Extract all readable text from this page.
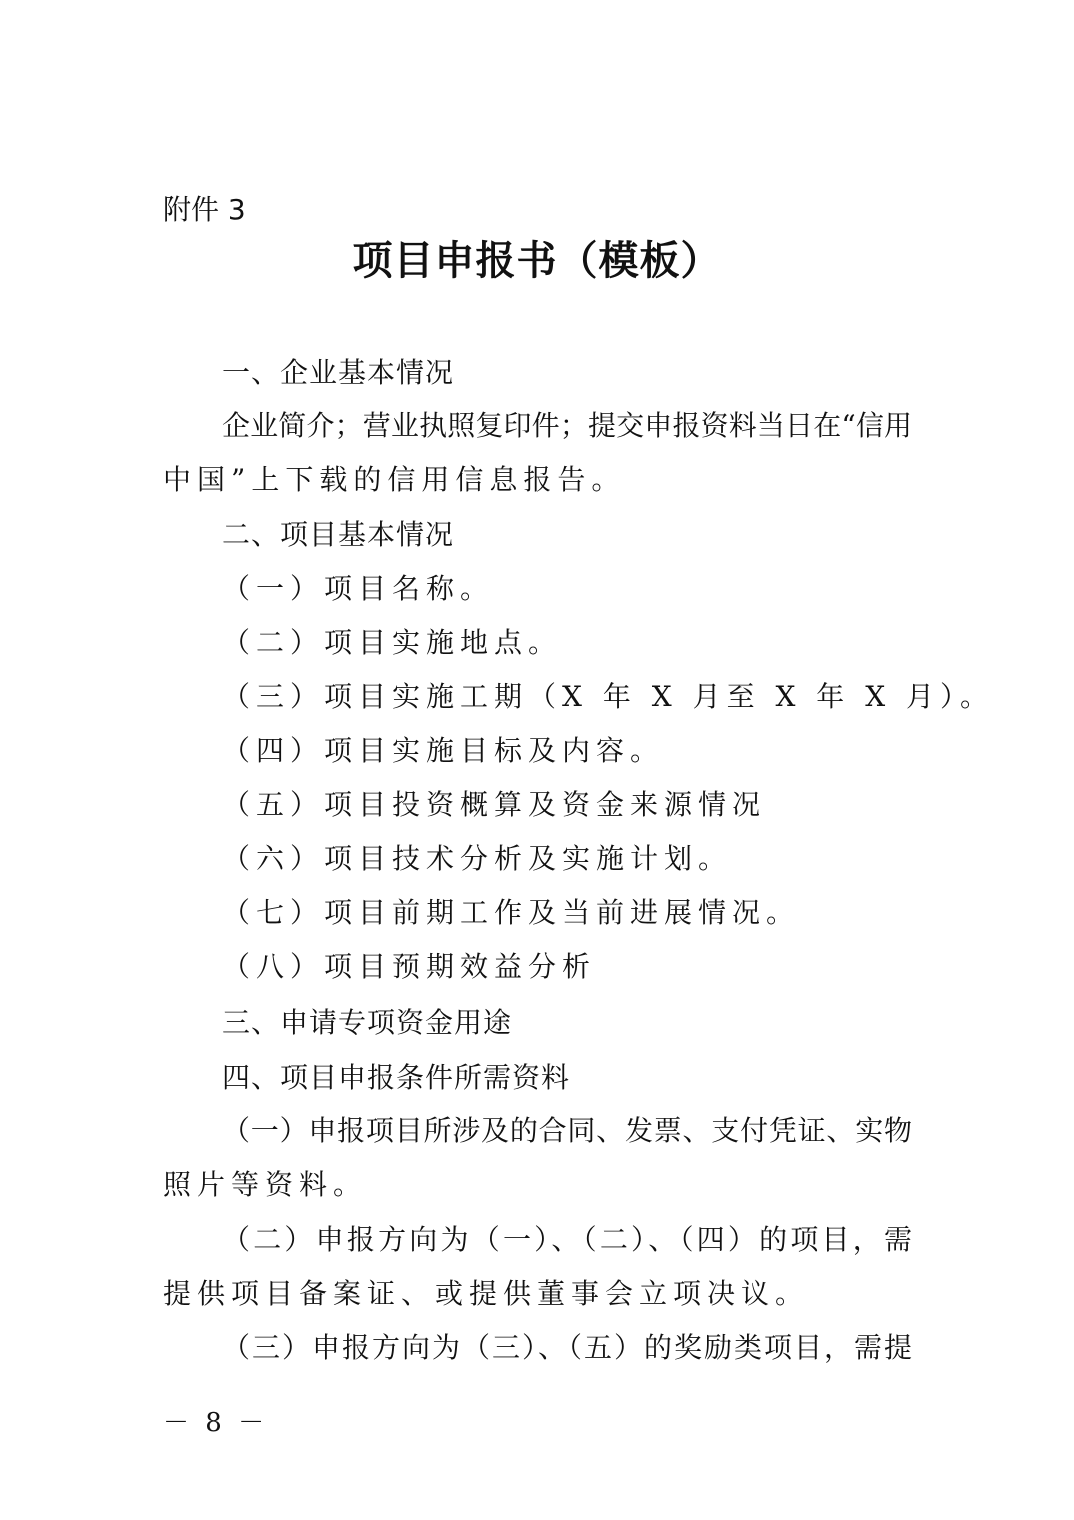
附件 3
项目申报书（模板）
一、企业基本情况
企业简介；营业执照复印件；提交申报资料当日在“信用
中国”上下载的信用信息报告。
二、项目基本情况
（一）项目名称。
（二）项目实施地点。
（三）项目实施工期（X 年 X 月至 X 年 X 月）。
（四）项目实施目标及内容。
（五）项目投资概算及资金来源情况
（六）项目技术分析及实施计划。
（七）项目前期工作及当前进展情况。
（八）项目预期效益分析
三、申请专项资金用途
四、项目申报条件所需资料
（一）申报项目所涉及的合同、发票、支付凭证、实物
照片等资料。
（二）申报方向为（一）、（二）、（四）的项目，需
提供项目备案证、或提供董事会立项决议。
（三）申报方向为（三）、（五）的奖励类项目，需提
－ 8 －
